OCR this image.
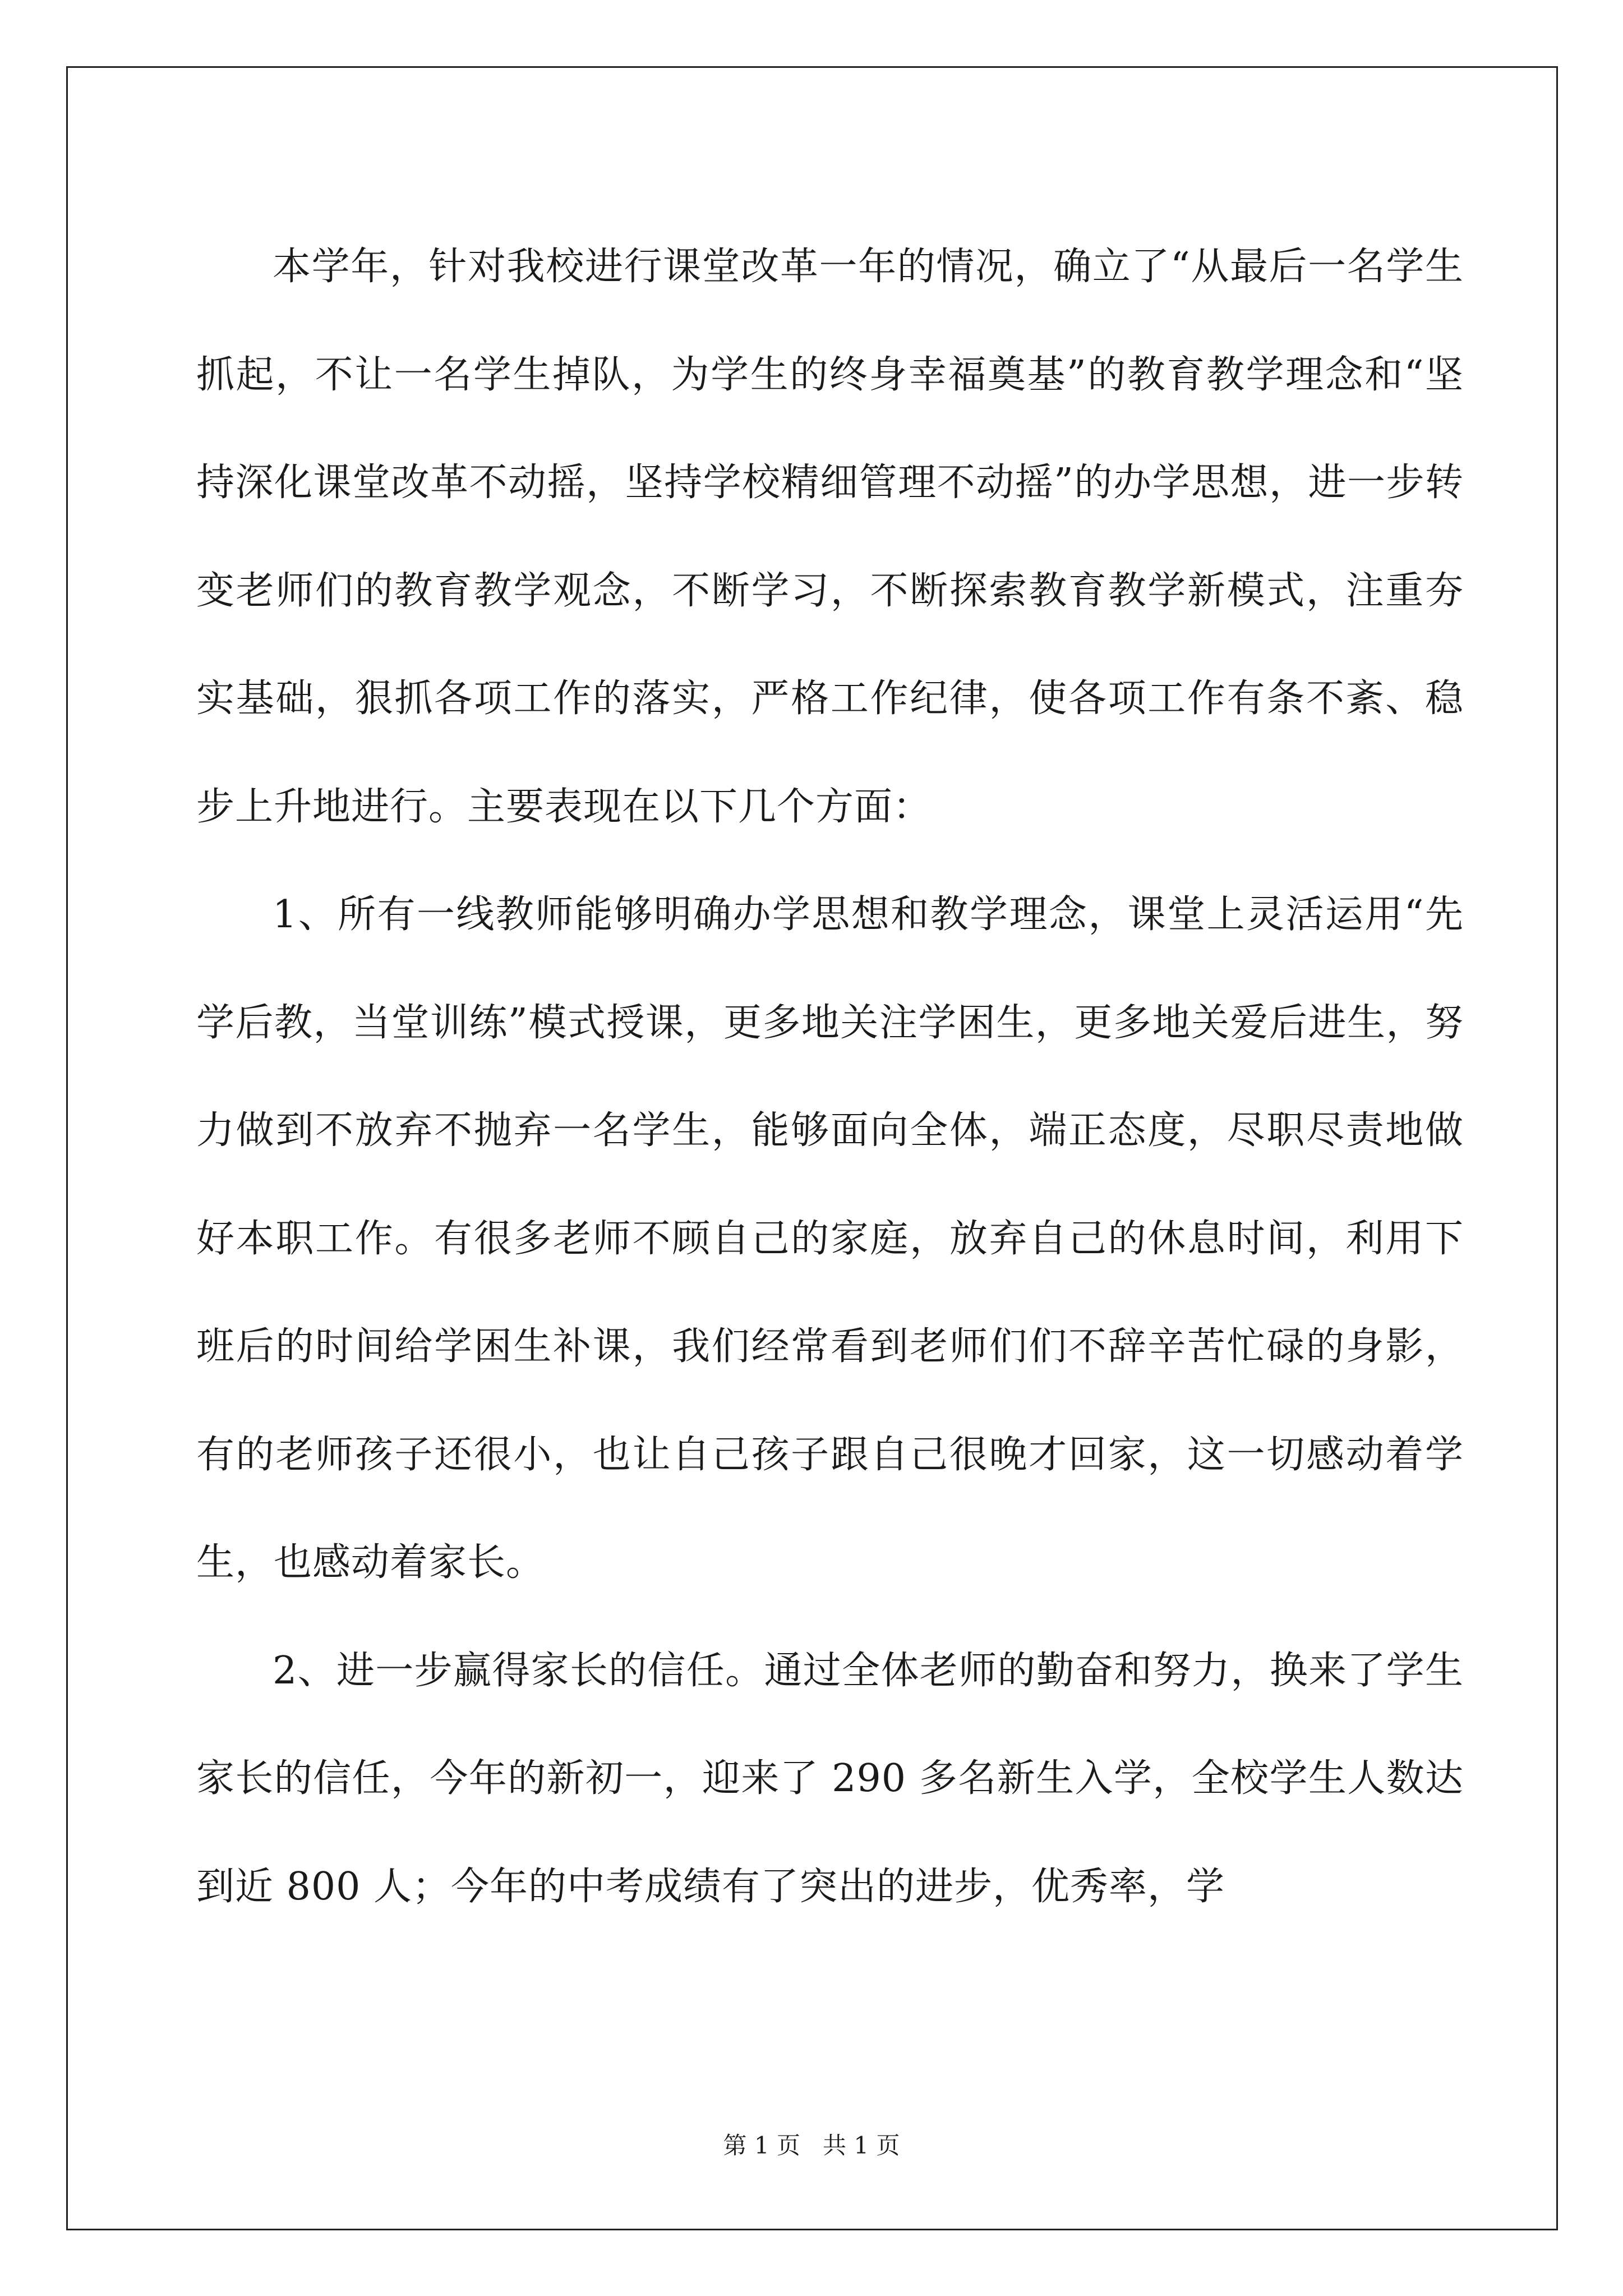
本学年，针对我校进行课堂改革一年的情况，确立了“从最后一名学生抓起，不让一名学生掉队，为学生的终身幸福奠基”的教育教学理念和“坚持深化课堂改革不动摇，坚持学校精细管理不动摇”的办学思想，进一步转变老师们的教育教学观念，不断学习，不断探索教育教学新模式，注重夯实基础，狠抓各项工作的落实，严格工作纪律，使各项工作有条不紊、稳步上升地进行。主要表现在以下几个方面：

1、所有一线教师能够明确办学思想和教学理念，课堂上灵活运用“先学后教，当堂训练”模式授课，更多地关注学困生，更多地关爱后进生，努力做到不放弃不抛弃一名学生，能够面向全体，端正态度，尽职尽责地做好本职工作。有很多老师不顾自己的家庭，放弃自己的休息时间，利用下班后的时间给学困生补课，我们经常看到老师们们不辞辛苦忙碌的身影，有的老师孩子还很小，也让自己孩子跟自己很晚才回家，这一切感动着学生，也感动着家长。

2、进一步赢得家长的信任。通过全体老师的勤奋和努力，换来了学生家长的信任，今年的新初一，迎来了 290 多名新生入学，全校学生人数达到近 800 人；今年的中考成绩有了突出的进步，优秀率，学

第 1 页   共 1 页
